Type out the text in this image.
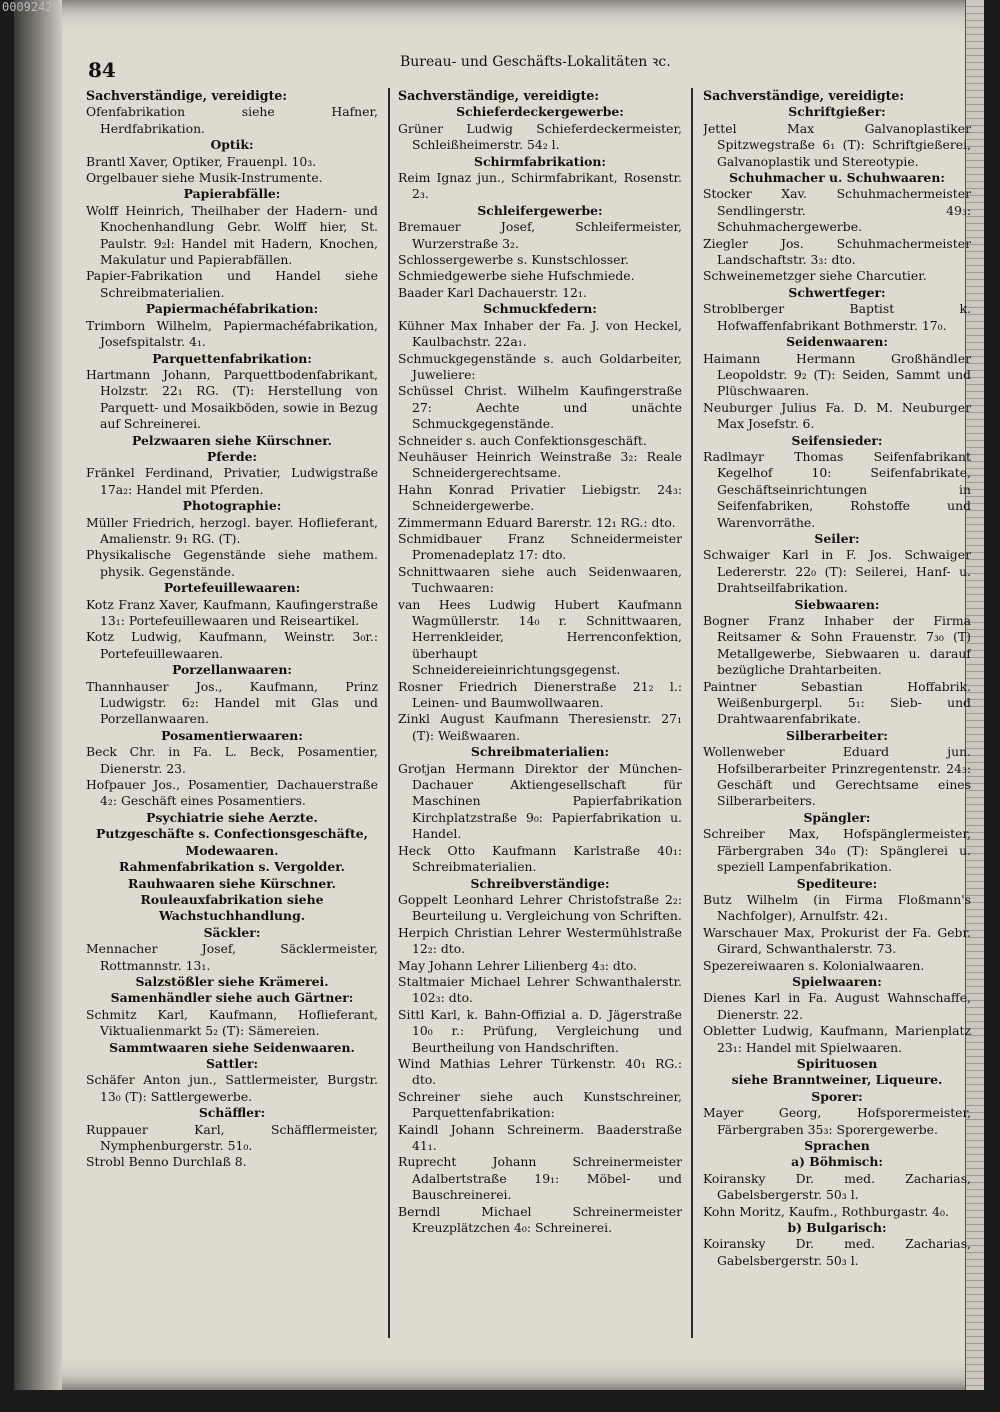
00092426

84	Bureau- und Geschäfts-Lokalitäten ꝛc.

Sachverständige, vereidigte:

Ofenfabrikation siehe Hafner, Herdfabrikation.

Optik:

Brantl Xaver, Optiker, Frauenpl. 10₃.

Orgelbauer siehe Musik-Instrumente.

Papierabfälle:

Wolff Heinrich, Theilhaber der Hadern- und Knochenhandlung Gebr. Wolff hier, St. Paulstr. 9₂l: Handel mit Hadern, Knochen, Makulatur und Papierabfällen.

Papier-Fabrikation und Handel siehe Schreibmaterialien.

Papiermachéfabrikation:

Trimborn Wilhelm, Papiermachéfabrikation, Josefspitalstr. 4₁.

Parquettenfabrikation:

Hartmann Johann, Parquettbodenfabrikant, Holzstr. 22₁ RG. (T): Herstellung von Parquett- und Mosaikböden, sowie in Bezug auf Schreinerei.

Pelzwaaren siehe Kürschner.

Pferde:

Fränkel Ferdinand, Privatier, Ludwigstraße 17a₂: Handel mit Pferden.

Photographie:

Müller Friedrich, herzogl. bayer. Hoflieferant, Amalienstr. 9₁ RG. (T).

Physikalische Gegenstände siehe mathem. physik. Gegenstände.

Portefeuillewaaren:

Kotz Franz Xaver, Kaufmann, Kaufingerstraße 13₁: Portefeuillewaaren und Reiseartikel.

Kotz Ludwig, Kaufmann, Weinstr. 3₀r.: Portefeuillewaaren.

Porzellanwaaren:

Thannhauser Jos., Kaufmann, Prinz Ludwigstr. 6₂: Handel mit Glas und Porzellanwaaren.

Posamentierwaaren:

Beck Chr. in Fa. L. Beck, Posamentier, Dienerstr. 23.

Hofpauer Jos., Posamentier, Dachauerstraße 4₂: Geschäft eines Posamentiers.

Psychiatrie siehe Aerzte.

Putzgeschäfte s. Confectionsgeschäfte, Modewaaren.

Rahmenfabrikation s. Vergolder.

Rauhwaaren siehe Kürschner.

Rouleauxfabrikation siehe Wachstuchhandlung.

Säckler:

Mennacher Josef, Säcklermeister, Rottmannstr. 13₁.

Salzstößler siehe Krämerei.

Samenhändler siehe auch Gärtner:

Schmitz Karl, Kaufmann, Hoflieferant, Viktualienmarkt 5₂ (T): Sämereien.

Sammtwaaren siehe Seidenwaaren.

Sattler:

Schäfer Anton jun., Sattlermeister, Burgstr. 13₀ (T): Sattlergewerbe.

Schäffler:

Ruppauer Karl, Schäfflermeister, Nymphenburgerstr. 51₀.

Strobl Benno Durchlaß 8.

Sachverständige, vereidigte:

Schieferdeckergewerbe:

Grüner Ludwig Schieferdeckermeister, Schleißheimerstr. 54₂ l.

Schirmfabrikation:

Reim Ignaz jun., Schirmfabrikant, Rosenstr. 2₃.

Schleifergewerbe:

Bremauer Josef, Schleifermeister, Wurzerstraße 3₂.

Schlossergewerbe s. Kunstschlosser.

Schmiedgewerbe siehe Hufschmiede.

Baader Karl Dachauerstr. 12₁.

Schmuckfedern:

Kühner Max Inhaber der Fa. J. von Heckel, Kaulbachstr. 22a₁.

Schmuckgegenstände s. auch Goldarbeiter, Juweliere:

Schüssel Christ. Wilhelm Kaufingerstraße 27: Aechte und unächte Schmuckgegenstände.

Schneider s. auch Confektionsgeschäft.

Neuhäuser Heinrich Weinstraße 3₂: Reale Schneidergerechtsame.

Hahn Konrad Privatier Liebigstr. 24₃: Schneidergewerbe.

Zimmermann Eduard Barerstr. 12₁ RG.: dto.

Schmidbauer Franz Schneidermeister Promenadeplatz 17: dto.

Schnittwaaren siehe auch Seidenwaaren, Tuchwaaren:

van Hees Ludwig Hubert Kaufmann Wagmüllerstr. 14₀ r. Schnittwaaren, Herrenkleider, Herrenconfektion, überhaupt Schneidereieinrichtungsgegenst.

Rosner Friedrich Dienerstraße 21₂ l.: Leinen- und Baumwollwaaren.

Zinkl August Kaufmann Theresienstr. 27₁ (T): Weißwaaren.

Schreibmaterialien:

Grotjan Hermann Direktor der München-Dachauer Aktiengesellschaft für Maschinen Papierfabrikation Kirchplatzstraße 9₀: Papierfabrikation u. Handel.

Heck Otto Kaufmann Karlstraße 40₁: Schreibmaterialien.

Schreibverständige:

Goppelt Leonhard Lehrer Christofstraße 2₂: Beurteilung u. Vergleichung von Schriften.

Herpich Christian Lehrer Westermühlstraße 12₂: dto.

May Johann Lehrer Lilienberg 4₃: dto.

Staltmaier Michael Lehrer Schwanthalerstr. 102₃: dto.

Sittl Karl, k. Bahn-Offizial a. D. Jägerstraße 10₀ r.: Prüfung, Vergleichung und Beurtheilung von Handschriften.

Wind Mathias Lehrer Türkenstr. 40₁ RG.: dto.

Schreiner siehe auch Kunstschreiner, Parquettenfabrikation:

Kaindl Johann Schreinerm. Baaderstraße 41₁.

Ruprecht Johann Schreinermeister Adalbertstraße 19₁: Möbel- und Bauschreinerei.

Berndl Michael Schreinermeister Kreuzplätzchen 4₀: Schreinerei.

Sachverständige, vereidigte:

Schriftgießer:

Jettel Max Galvanoplastiker Spitzwegstraße 6₁ (T): Schriftgießerei, Galvanoplastik und Stereotypie.

Schuhmacher u. Schuhwaaren:

Stocker Xav. Schuhmachermeister Sendlingerstr. 49₃: Schuhmachergewerbe.

Ziegler Jos. Schuhmachermeister Landschaftstr. 3₃: dto.

Schweinemetzger siehe Charcutier.

Schwertfeger:

Stroblberger Baptist k. Hofwaffenfabrikant Bothmerstr. 17₀.

Seidenwaaren:

Haimann Hermann Großhändler Leopoldstr. 9₂ (T): Seiden, Sammt und Plüschwaaren.

Neuburger Julius Fa. D. M. Neuburger Max Josefstr. 6.

Seifensieder:

Radlmayr Thomas Seifenfabrikant Kegelhof 10: Seifenfabrikate, Geschäftseinrichtungen in Seifenfabriken, Rohstoffe und Warenvorräthe.

Seiler:

Schwaiger Karl in F. Jos. Schwaiger Ledererstr. 22₀ (T): Seilerei, Hanf- u. Drahtseilfabrikation.

Siebwaaren:

Bogner Franz Inhaber der Firma Reitsamer & Sohn Frauenstr. 7₃₀ (T) Metallgewerbe, Siebwaaren u. darauf bezügliche Drahtarbeiten.

Paintner Sebastian Hoffabrik. Weißenburgerpl. 5₁: Sieb- und Drahtwaarenfabrikate.

Silberarbeiter:

Wollenweber Eduard jun. Hofsilberarbeiter Prinzregentenstr. 24₃: Geschäft und Gerechtsame eines Silberarbeiters.

Spängler:

Schreiber Max, Hofspänglermeister, Färbergraben 34₀ (T): Spänglerei u. speziell Lampenfabrikation.

Spediteure:

Butz Wilhelm (in Firma Floßmann's Nachfolger), Arnulfstr. 42₁.

Warschauer Max, Prokurist der Fa. Gebr. Girard, Schwanthalerstr. 73.

Spezereiwaaren s. Kolonialwaaren.

Spielwaaren:

Dienes Karl in Fa. August Wahnschaffe, Dienerstr. 22.

Obletter Ludwig, Kaufmann, Marienplatz 23₁: Handel mit Spielwaaren.

Spirituosen

siehe Branntweiner, Liqueure.

Sporer:

Mayer Georg, Hofsporermeister, Färbergraben 35₃: Sporergewerbe.

Sprachen

a) Böhmisch:

Koiransky Dr. med. Zacharias, Gabelsbergerstr. 50₃ l.

Kohn Moritz, Kaufm., Rothburgastr. 4₀.

b) Bulgarisch:

Koiransky Dr. med. Zacharias, Gabelsbergerstr. 50₃ l.
